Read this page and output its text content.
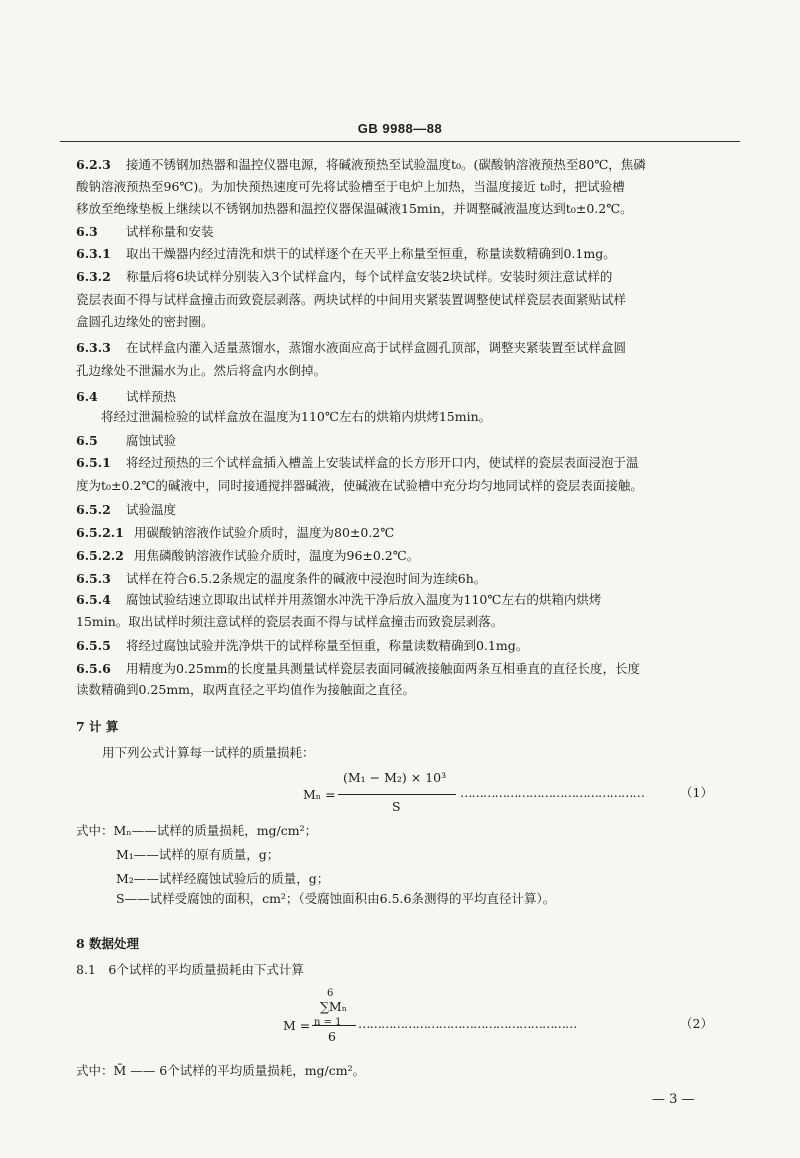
GB 9988—88
6.2.3 接通不锈钢加热器和温控仪器电源，将碱液预热至试验温度t₀。(碳酸钠溶液预热至80℃，焦磷
酸钠溶液预热至96℃)。为加快预热速度可先将试验槽至于电炉上加热，当温度接近 t₀时，把试验槽
移放至绝缘垫板上继续以不锈钢加热器和温控仪器保温碱液15min，并调整碱液温度达到t₀±0.2℃。
6.3 试样称量和安装
6.3.1 取出干燥器内经过清洗和烘干的试样逐个在天平上称量至恒重，称量读数精确到0.1mg。
6.3.2 称量后将6块试样分别装入3个试样盒内，每个试样盒安装2块试样。安装时须注意试样的
瓷层表面不得与试样盒撞击而致瓷层剥落。两块试样的中间用夹紧装置调整使试样瓷层表面紧贴试样
盒圆孔边缘处的密封圈。
6.3.3 在试样盒内灌入适量蒸馏水，蒸馏水液面应高于试样盒圆孔顶部，调整夹紧装置至试样盒圆
孔边缘处不泄漏水为止。然后将盒内水倒掉。
6.4 试样预热
　　将经过泄漏检验的试样盒放在温度为110℃左右的烘箱内烘烤15min。
6.5 腐蚀试验
6.5.1 将经过预热的三个试样盒插入槽盖上安装试样盒的长方形开口内，使试样的瓷层表面浸泡于温
度为t₀±0.2℃的碱液中，同时接通搅拌器碱液，使碱液在试验槽中充分均匀地同试样的瓷层表面接触。
6.5.2 试验温度
6.5.2.1 用碳酸钠溶液作试验介质时，温度为80±0.2℃
6.5.2.2 用焦磷酸钠溶液作试验介质时，温度为96±0.2℃。
6.5.3 试样在符合6.5.2条规定的温度条件的碱液中浸泡时间为连续6h。
6.5.4 腐蚀试验结速立即取出试样并用蒸馏水冲洗干净后放入温度为110℃左右的烘箱内烘烤
15min。取出试样时须注意试样的瓷层表面不得与试样盒撞击而致瓷层剥落。
6.5.5 将经过腐蚀试验并洗净烘干的试样称量至恒重，称量读数精确到0.1mg。
6.5.6 用精度为0.25mm的长度量具测量试样瓷层表面同碱液接触面两条互相垂直的直径长度，长度
读数精确到0.25mm，取两直径之平均值作为接触面之直径。
7 计 算
用下列公式计算每一试样的质量损耗：
Mₙ =
(M₁ − M₂) × 10³
S
…………………………………………	（1）
式中：Mₙ——试样的质量损耗，mg/cm²；
M₁——试样的原有质量，g；
M₂——试样经腐蚀试验后的质量，g；
S——试样受腐蚀的面积，cm²；（受腐蚀面积由6.5.6条测得的平均直径计算）。
8 数据处理
8.1　6个试样的平均质量损耗由下式计算
M =
6
∑Mₙ
n = 1
6
…………………………………………………	（2）
式中：M̄ —— 6个试样的平均质量损耗，mg/cm²。
— 3 —
